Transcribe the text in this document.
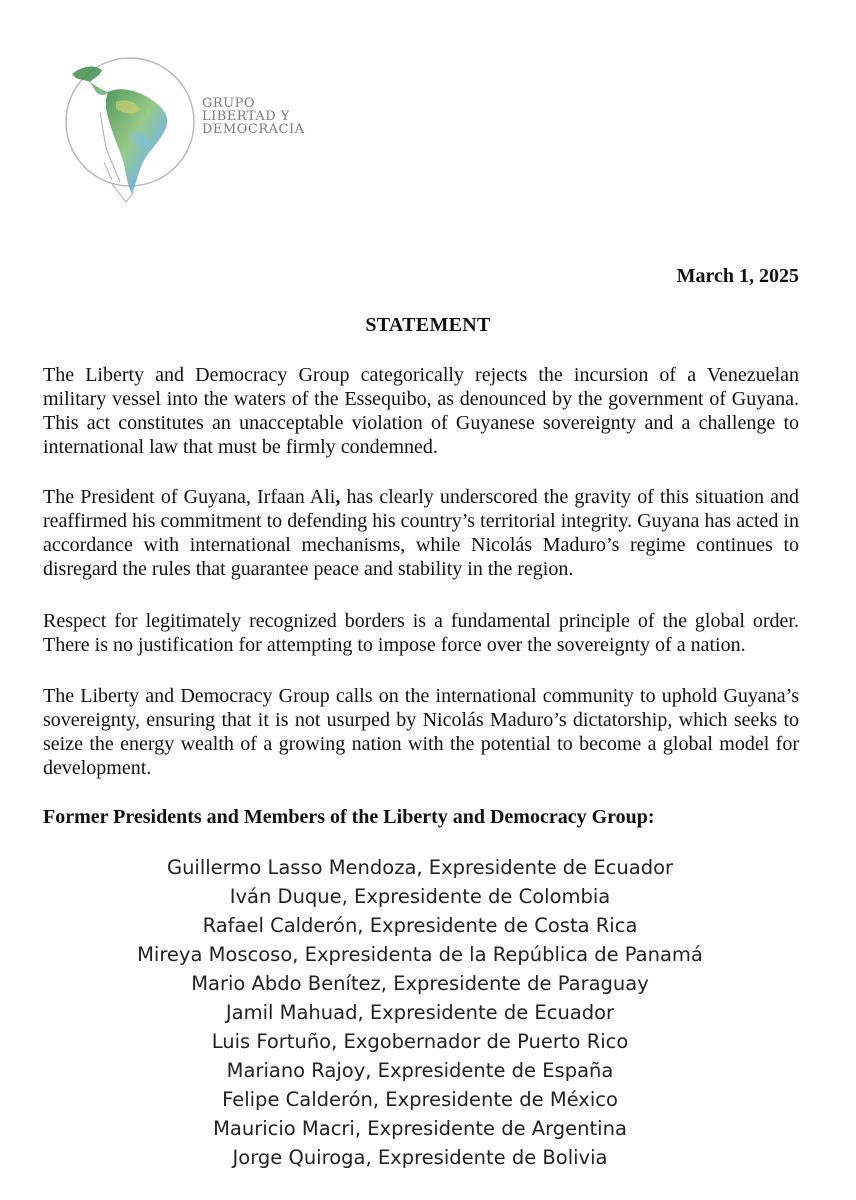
GRUPO
LIBERTAD Y
DEMOCRACIA
March 1, 2025
STATEMENT

The Liberty and Democracy Group categorically rejects the incursion of a Venezuelan military vessel into the waters of the Essequibo, as denounced by the government of Guyana. This act constitutes an unacceptable violation of Guyanese sovereignty and a challenge to international law that must be firmly condemned.

The President of Guyana, Irfaan Ali, has clearly underscored the gravity of this situation and reaffirmed his commitment to defending his country’s territorial integrity. Guyana has acted in accordance with international mechanisms, while Nicolás Maduro’s regime continues to disregard the rules that guarantee peace and stability in the region.

Respect for legitimately recognized borders is a fundamental principle of the global order. There is no justification for attempting to impose force over the sovereignty of a nation.

The Liberty and Democracy Group calls on the international community to uphold Guyana’s sovereignty, ensuring that it is not usurped by Nicolás Maduro’s dictatorship, which seeks to seize the energy wealth of a growing nation with the potential to become a global model for development.

Former Presidents and Members of the Liberty and Democracy Group:
Guillermo Lasso Mendoza, Expresidente de Ecuador
Iván Duque, Expresidente de Colombia
Rafael Calderón, Expresidente de Costa Rica
Mireya Moscoso, Expresidenta de la República de Panamá
Mario Abdo Benítez, Expresidente de Paraguay
Jamil Mahuad, Expresidente de Ecuador
Luis Fortuño, Exgobernador de Puerto Rico
Mariano Rajoy, Expresidente de España
Felipe Calderón, Expresidente de México
Mauricio Macri, Expresidente de Argentina
Jorge Quiroga, Expresidente de Bolivia
